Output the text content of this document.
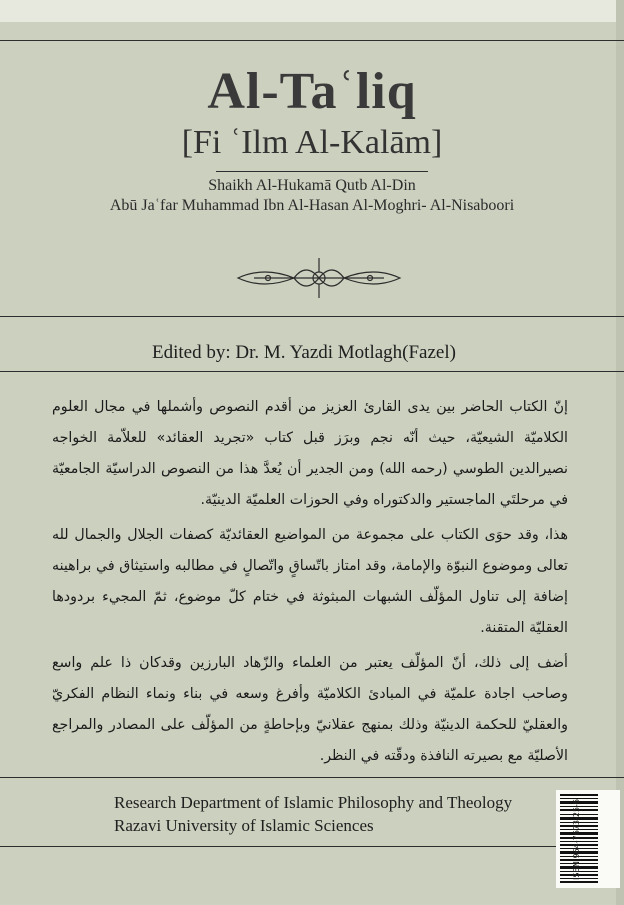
Al-Taʿliq
[Fi ʿIlm Al-Kalām]
Shaikh Al-Hukamā Qutb Al-Din
Abū Jaʿfar Muhammad Ibn Al-Hasan Al-Moghri- Al-Nisaboori
Edited by: Dr. M. Yazdi Motlagh(Fazel)

إنّ الكتاب الحاضر بين يدى القارئ العزيز من أقدم النصوص وأشملها في مجال العلوم الكلاميّة الشيعيّة، حيث أنّه نجم وبرَز قبل كتاب «تجريد العقائد» للعلاّمة الخواجه نصيرالدين الطوسي (رحمه الله) ومن الجدير أن يُعدَّ هذا من النصوص الدراسيّة الجامعيّة في مرحلتَي الماجستير والدكتوراه وفي الحوزات العلميّة الدينيّة.

هذا، وقد حوَى الكتاب على مجموعة من المواضيع العقائديّة كصفات الجلال والجمال لله تعالى وموضوع النبوّة والإمامة، وقد امتاز باتّساقٍ واتّصالٍ في مطالبه واستيثاق في براهينه إضافة إلى تناول المؤلّف الشبهات المبثوثة في ختام كلّ موضوع، ثمّ المجيء بردودها العقليّة المتقنة.

أضف إلى ذلك، أنّ المؤلّف يعتبر من العلماء والزّهاد البارزين وقدكان ذا علم واسع وصاحب اجادة علميّة في المبادئ الكلاميّة وأفرغ وسعه في بناء ونماء النظام الفكريّ والعقليّ للحكمة الدينيّة وذلك بمنهج عقلانيّ وبإحاطةٍ من المؤلّف على المصادر والمراجع الأصليّة مع بصيرته النافذة ودقّته في النظر.

Research Department of Islamic Philosophy and Theology
Razavi University of Islamic Sciences	ISBN 964-7673-25-6
